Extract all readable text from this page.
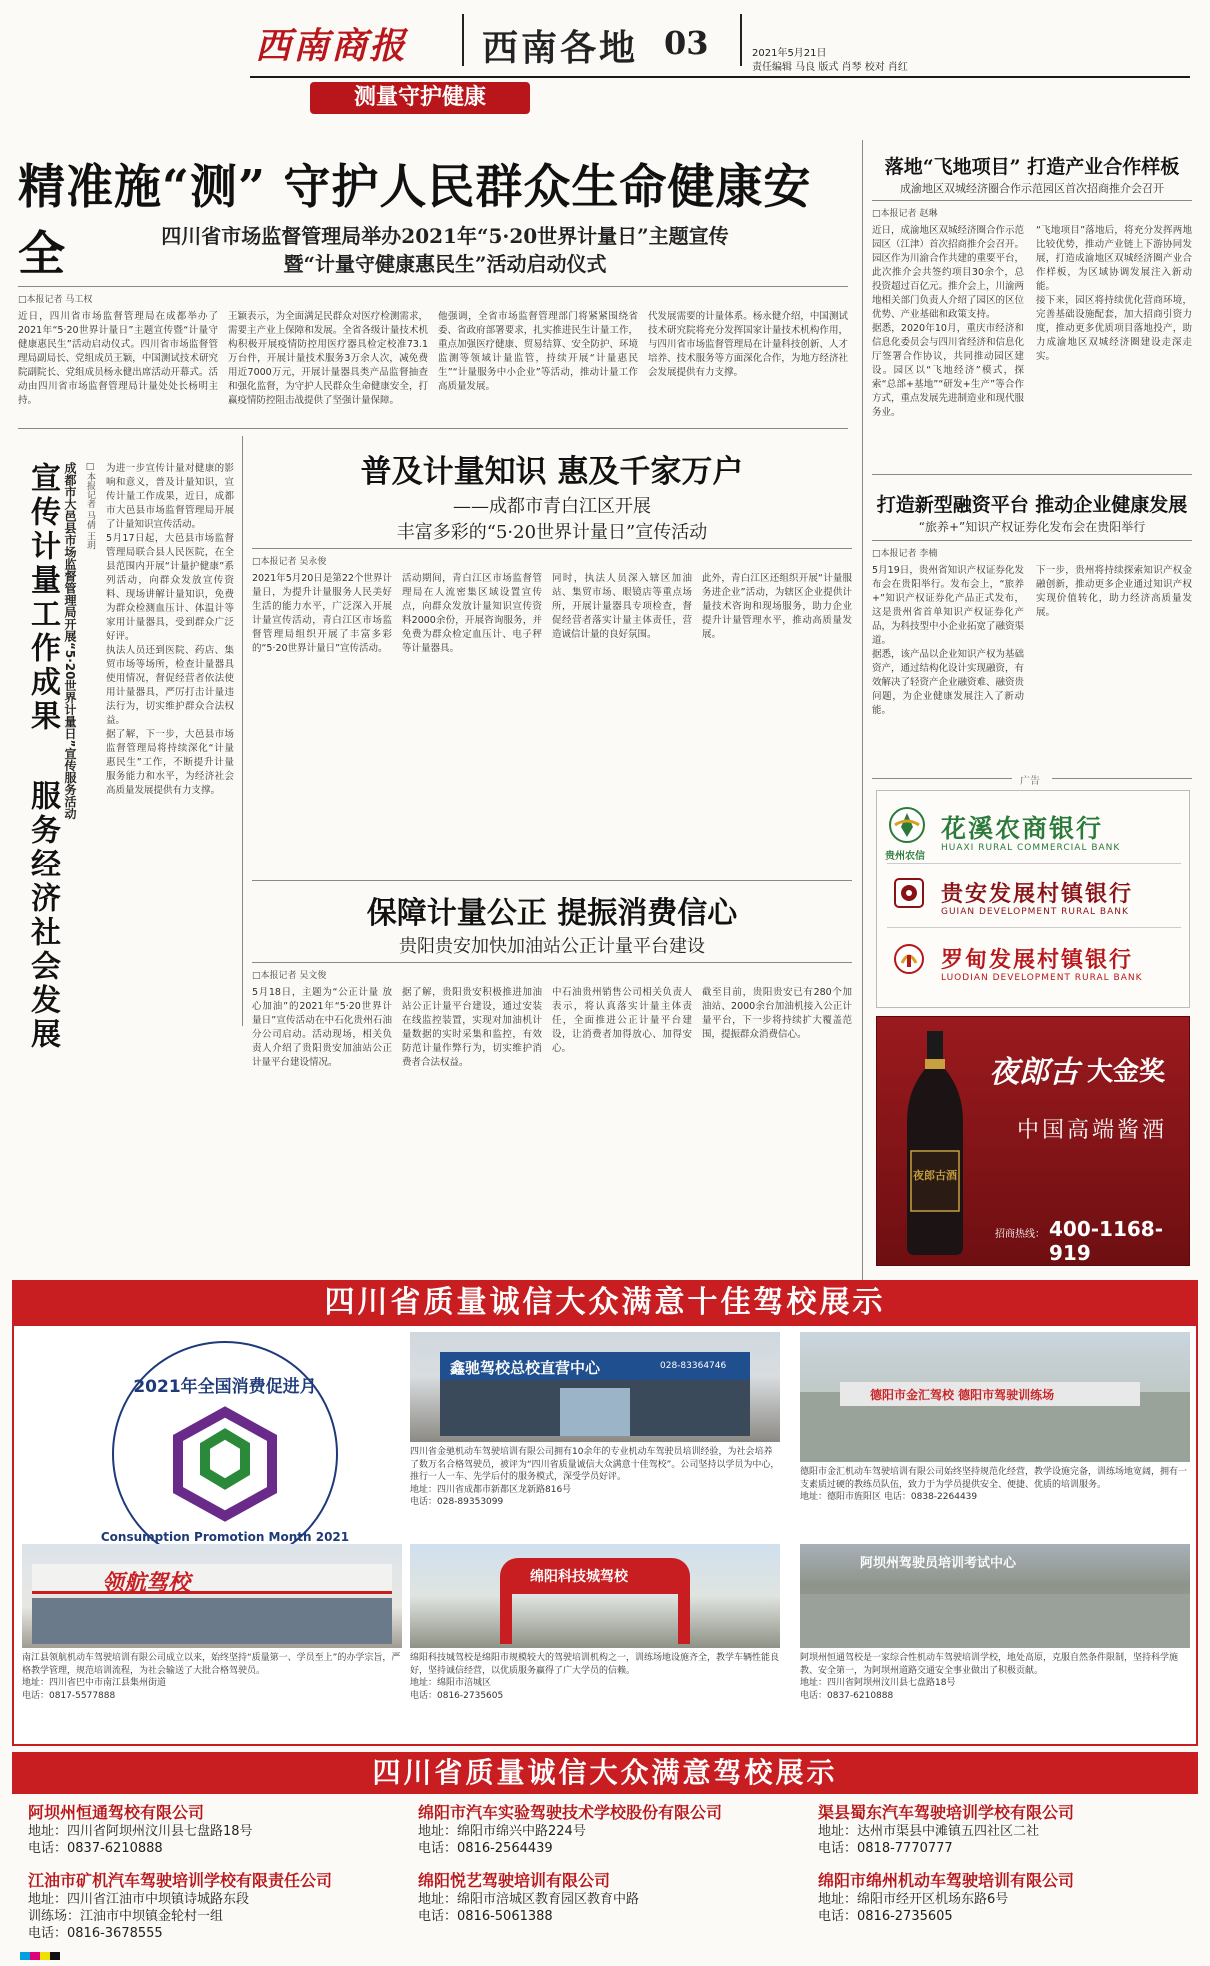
西南商报 西南各地 03	2021年5月21日
责任编辑 马良 版式 肖琴 校对 肖红
测量守护健康
精准施“测” 守护人民群众生命健康安全	四川省市场监督管理局举办2021年“5·20世界计量日”主题宣传
暨“计量守健康惠民生”活动启动仪式
□本报记者 马工权
近日，四川省市场监督管理局在成都举办了2021年“5·20世界计量日”主题宣传暨“计量守健康惠民生”活动启动仪式。四川省市场监督管理局副局长、党组成员王颖，中国测试技术研究院副院长、党组成员杨永健出席活动开幕式。活动由四川省市场监督管理局计量处处长杨明主持。
王颖表示，为全面满足民群众对医疗检测需求，需要主产业上保障和发展。全省各级计量技术机构积极开展疫情防控用医疗器具检定校准73.1万台件，开展计量技术服务3万余人次，减免费用近7000万元，开展计量器具类产品监督抽查和强化监督，为守护人民群众生命健康安全，打赢疫情防控阻击战提供了坚强计量保障。
他强调，全省市场监督管理部门将紧紧围绕省委、省政府部署要求，扎实推进民生计量工作，重点加强医疗健康、贸易结算、安全防护、环境监测等领域计量监管，持续开展“计量惠民生”“计量服务中小企业”等活动，推动计量工作高质量发展。
代发展需要的计量体系。杨永健介绍，中国测试技术研究院将充分发挥国家计量技术机构作用，与四川省市场监督管理局在计量科技创新、人才培养、技术服务等方面深化合作，为地方经济社会发展提供有力支撑。
落地“飞地项目” 打造产业合作样板
成渝地区双城经济圈合作示范园区首次招商推介会召开
□本报记者 赵琳
近日，成渝地区双城经济圈合作示范园区（江津）首次招商推介会召开。园区作为川渝合作共建的重要平台，此次推介会共签约项目30余个，总投资超过百亿元。推介会上，川渝两地相关部门负责人介绍了园区的区位优势、产业基础和政策支持。
据悉，2020年10月，重庆市经济和信息化委员会与四川省经济和信息化厅签署合作协议，共同推动园区建设。园区以“飞地经济”模式，探索“总部+基地”“研发+生产”等合作方式，重点发展先进制造业和现代服务业。
“飞地项目”落地后，将充分发挥两地比较优势，推动产业链上下游协同发展，打造成渝地区双城经济圈产业合作样板，为区域协调发展注入新动能。
接下来，园区将持续优化营商环境，完善基础设施配套，加大招商引资力度，推动更多优质项目落地投产，助力成渝地区双城经济圈建设走深走实。
宣传计量工作成果
服务经济社会发展
成都市大邑县市场监督管理局开展“5·20世界计量日”宣传服务活动 □本报记者 马倩 王玥 为进一步宣传计量对健康的影响和意义，普及计量知识，宣传计量工作成果，近日，成都市大邑县市场监督管理局开展了计量知识宣传活动。
5月17日起，大邑县市场监督管理局联合县人民医院，在全县范围内开展“计量护健康”系列活动，向群众发放宣传资料、现场讲解计量知识，免费为群众检测血压计、体温计等家用计量器具，受到群众广泛好评。
执法人员还到医院、药店、集贸市场等场所，检查计量器具使用情况，督促经营者依法使用计量器具，严厉打击计量违法行为，切实维护群众合法权益。
据了解，下一步，大邑县市场监督管理局将持续深化“计量惠民生”工作，不断提升计量服务能力和水平，为经济社会高质量发展提供有力支撑。
普及计量知识 惠及千家万户
——成都市青白江区开展
丰富多彩的“5·20世界计量日”宣传活动
□本报记者 吴永俊
2021年5月20日是第22个世界计量日，为提升计量服务人民美好生活的能力水平，广泛深入开展计量宣传活动，青白江区市场监督管理局组织开展了丰富多彩的“5·20世界计量日”宣传活动。
活动期间，青白江区市场监督管理局在人流密集区域设置宣传点，向群众发放计量知识宣传资料2000余份，开展咨询服务，并免费为群众检定血压计、电子秤等计量器具。
同时，执法人员深入辖区加油站、集贸市场、眼镜店等重点场所，开展计量器具专项检查，督促经营者落实计量主体责任，营造诚信计量的良好氛围。
此外，青白江区还组织开展“计量服务进企业”活动，为辖区企业提供计量技术咨询和现场服务，助力企业提升计量管理水平，推动高质量发展。
保障计量公正 提振消费信心
贵阳贵安加快加油站公正计量平台建设
□本报记者 吴文俊
5月18日，主题为“公正计量 放心加油”的2021年“5·20世界计量日”宣传活动在中石化贵州石油分公司启动。活动现场，相关负责人介绍了贵阳贵安加油站公正计量平台建设情况。
据了解，贵阳贵安积极推进加油站公正计量平台建设，通过安装在线监控装置，实现对加油机计量数据的实时采集和监控，有效防范计量作弊行为，切实维护消费者合法权益。
中石油贵州销售公司相关负责人表示，将认真落实计量主体责任，全面推进公正计量平台建设，让消费者加得放心、加得安心。
截至目前，贵阳贵安已有280个加油站、2000余台加油机接入公正计量平台，下一步将持续扩大覆盖范围，提振群众消费信心。
打造新型融资平台 推动企业健康发展
“旅养+”知识产权证券化发布会在贵阳举行
□本报记者 李楠
5月19日，贵州省知识产权证券化发布会在贵阳举行。发布会上，“旅养+”知识产权证券化产品正式发布，这是贵州省首单知识产权证券化产品，为科技型中小企业拓宽了融资渠道。
据悉，该产品以企业知识产权为基础资产，通过结构化设计实现融资，有效解决了轻资产企业融资难、融资贵问题，为企业健康发展注入了新动能。
下一步，贵州将持续探索知识产权金融创新，推动更多企业通过知识产权实现价值转化，助力经济高质量发展。
广告
贵州农信
花溪农商银行
HUAXI RURAL COMMERCIAL BANK
贵安发展村镇银行
GUIAN DEVELOPMENT RURAL BANK
罗甸发展村镇银行
LUODIAN DEVELOPMENT RURAL BANK
夜郎古酒
夜郎古 大金奖
中国高端酱酒
招商热线： 400-1168-919
四川省质量诚信大众满意十佳驾校展示
2021年全国消费促进月
Consumption Promotion Month 2021
鑫驰驾校总校直营中心	028-83364746
四川省金驰机动车驾驶培训有限公司拥有10余年的专业机动车驾驶员培训经验，为社会培养了数万名合格驾驶员，被评为“四川省质量诚信大众满意十佳驾校”。公司坚持以学员为中心，推行一人一车、先学后付的服务模式，深受学员好评。
地址：四川省成都市新都区龙新路816号
电话：028-89353099
德阳市金汇驾校 德阳市驾驶训练场
德阳市金汇机动车驾驶培训有限公司始终坚持规范化经营，教学设施完备，训练场地宽阔，拥有一支素质过硬的教练员队伍，致力于为学员提供安全、便捷、优质的培训服务。
地址：德阳市旌阳区 电话：0838-2264439
领航驾校
南江县领航机动车驾驶培训有限公司成立以来，始终坚持“质量第一、学员至上”的办学宗旨，严格教学管理，规范培训流程，为社会输送了大批合格驾驶员。
地址：四川省巴中市南江县集州街道
电话：0817-5577888
绵阳科技城驾校
绵阳科技城驾校是绵阳市规模较大的驾驶培训机构之一，训练场地设施齐全，教学车辆性能良好，坚持诚信经营，以优质服务赢得了广大学员的信赖。
地址：绵阳市涪城区
电话：0816-2735605
阿坝州驾驶员培训考试中心
阿坝州恒通驾校是一家综合性机动车驾驶培训学校，地处高原，克服自然条件限制，坚持科学施教、安全第一，为阿坝州道路交通安全事业做出了积极贡献。
地址：四川省阿坝州汶川县七盘路18号
电话：0837-6210888
四川省质量诚信大众满意驾校展示
阿坝州恒通驾校有限公司
地址：四川省阿坝州汶川县七盘路18号
电话：0837-6210888
绵阳市汽车实验驾驶技术学校股份有限公司
地址：绵阳市绵兴中路224号
电话：0816-2564439
渠县蜀东汽车驾驶培训学校有限公司
地址：达州市渠县中滩镇五四社区二社
电话：0818-7770777
江油市矿机汽车驾驶培训学校有限责任公司
地址：四川省江油市中坝镇诗城路东段
训练场：江油市中坝镇金轮村一组
电话：0816-3678555
绵阳悦艺驾驶培训有限公司
地址：绵阳市涪城区教育园区教育中路
电话：0816-5061388
绵阳市绵州机动车驾驶培训有限公司
地址：绵阳市经开区机场东路6号
电话：0816-2735605
